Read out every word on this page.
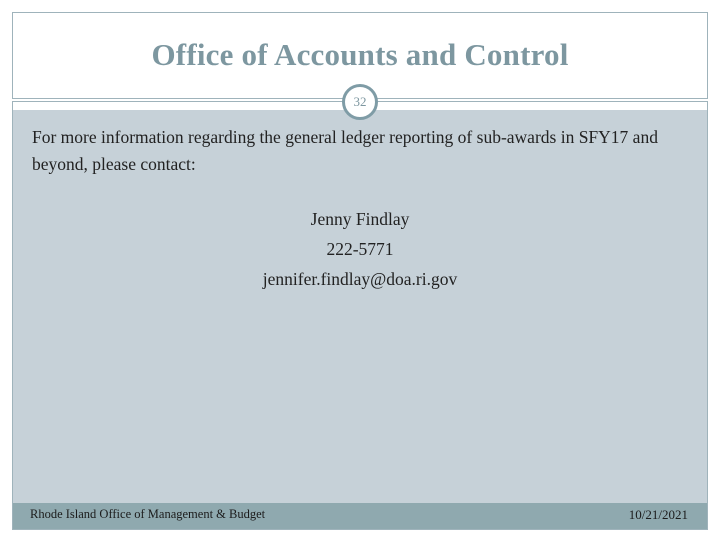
Office of Accounts and Control
32

For more information regarding the general ledger reporting of sub-awards in SFY17 and beyond, please contact:

Jenny Findlay
222-5771
jennifer.findlay@doa.ri.gov
Rhode Island Office of Management & Budget	10/21/2021
